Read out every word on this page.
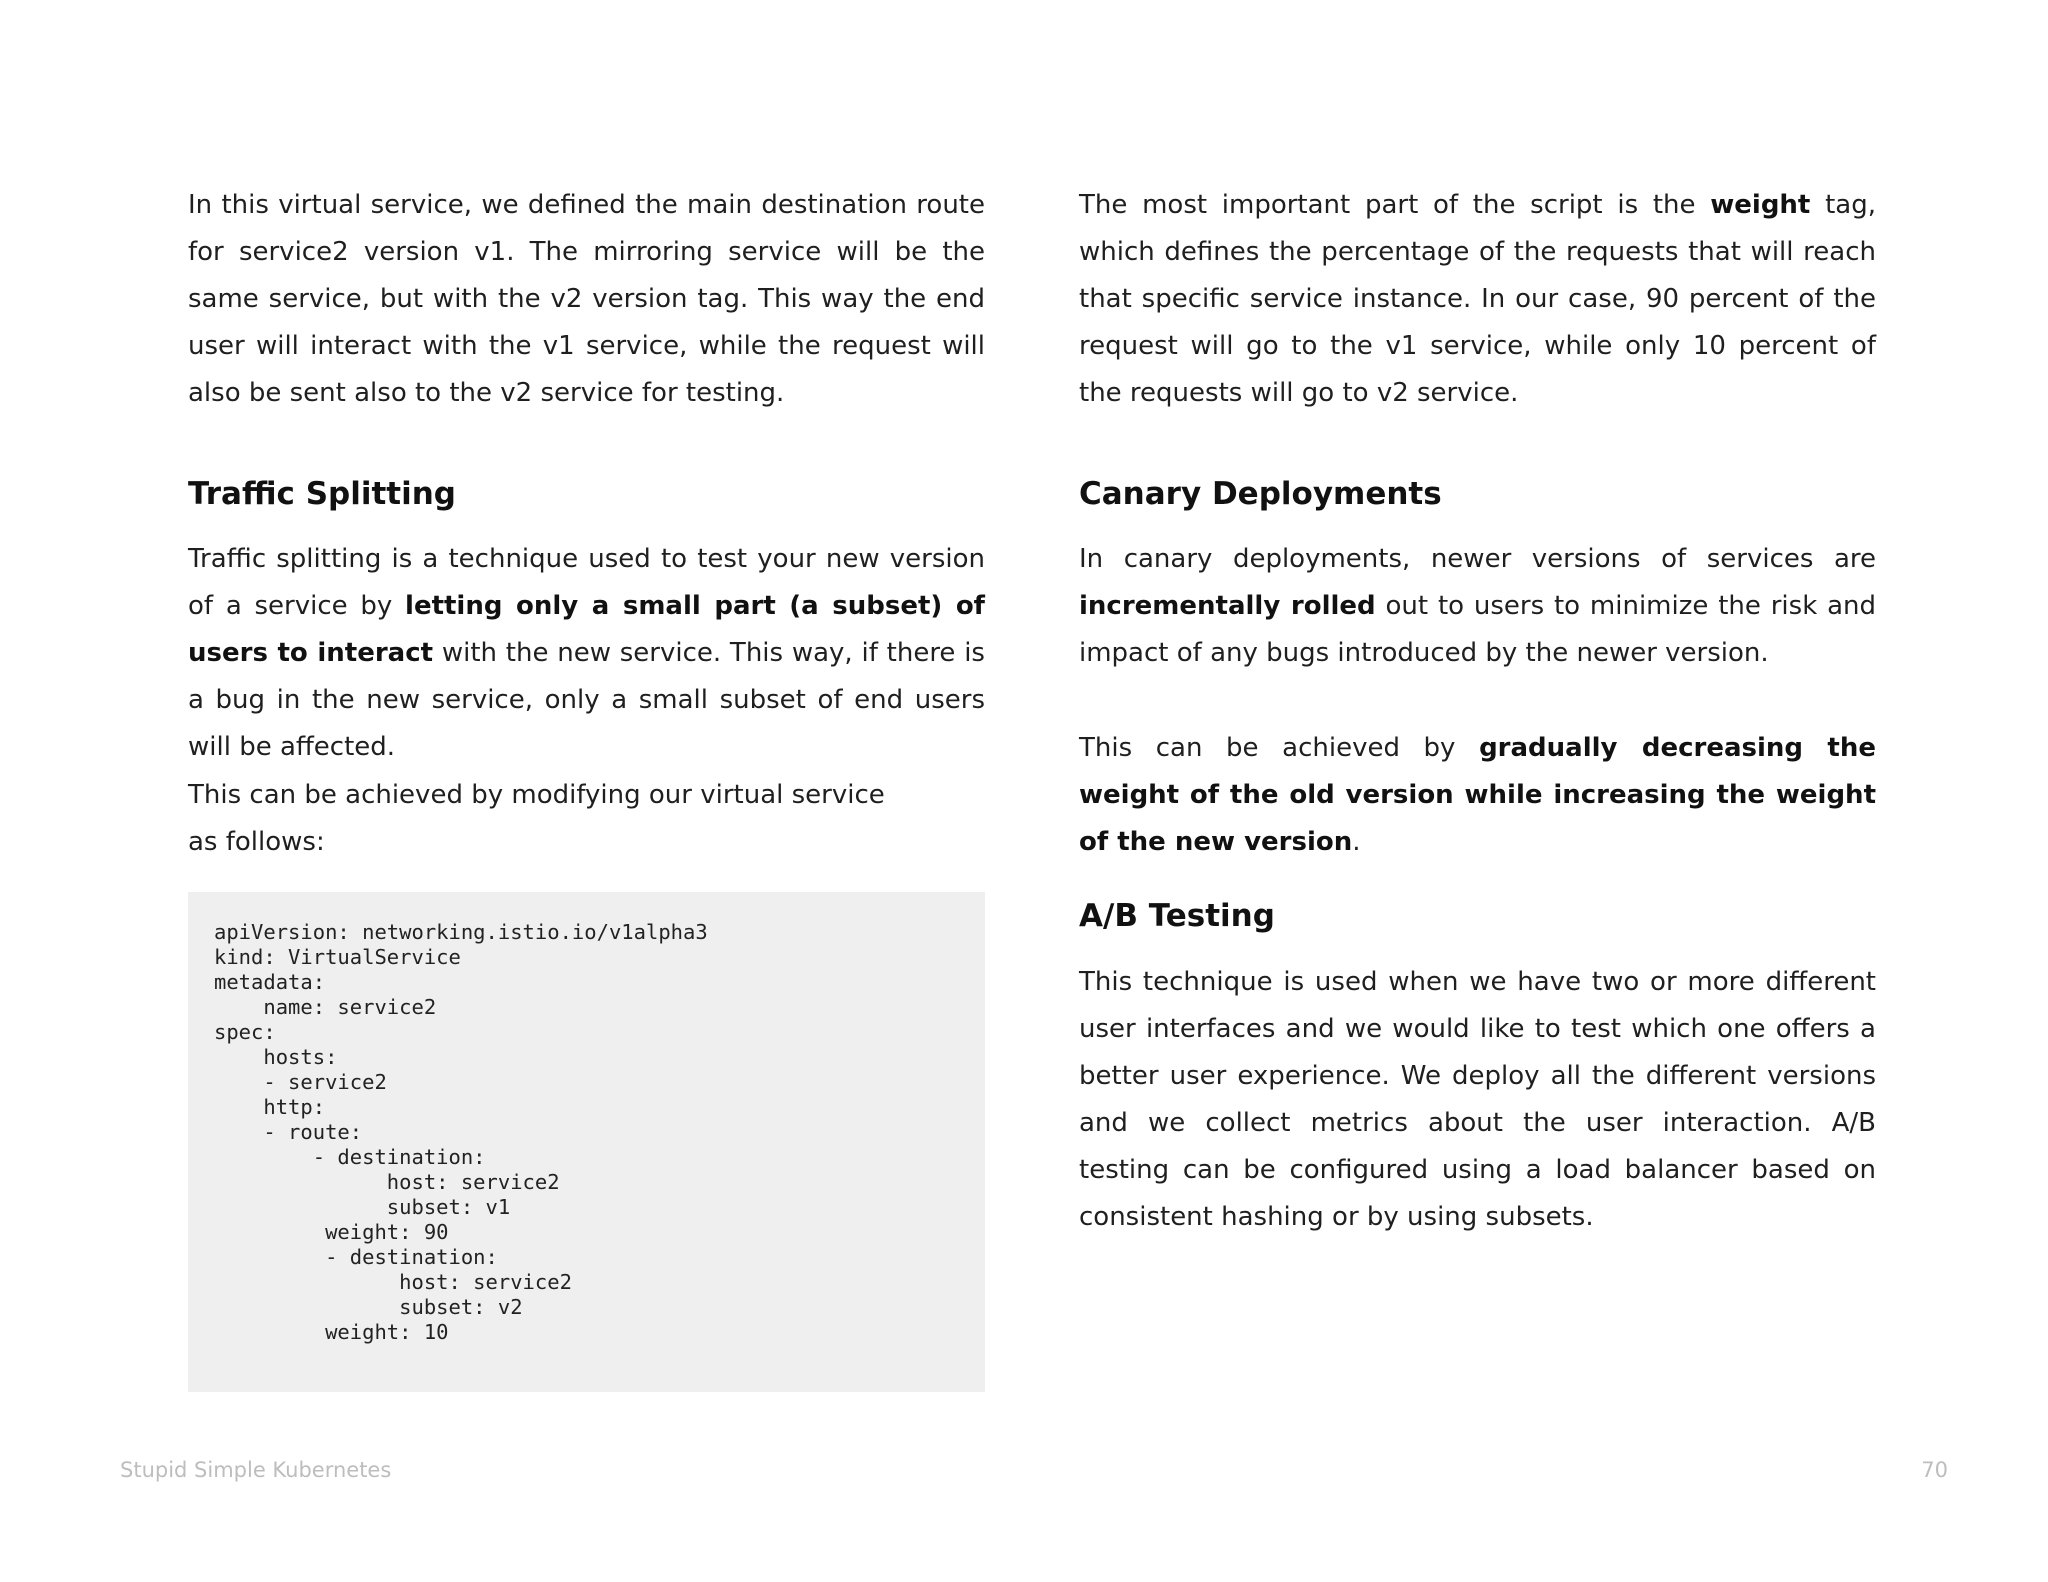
In this virtual service, we defined the main destination route for service2 version v1. The mirroring service will be the same service, but with the v2 version tag. This way the end user will interact with the v1 service, while the request will also be sent also to the v2 service for testing.

Traffic Splitting

Traffic splitting is a technique used to test your new version of a service by letting only a small part (a subset) of users to interact with the new service. This way, if there is a bug in the new service, only a small subset of end users will be affected.

This can be achieved by modifying our virtual service

as follows:

apiVersion: networking.istio.io/v1alpha3
kind: VirtualService
metadata:
name: service2
spec:
hosts:
- service2
http:
- route:
- destination:
host: service2
subset: v1
weight: 90
- destination:
host: service2
subset: v2
weight: 10

The most important part of the script is the weight tag, which defines the percentage of the requests that will reach that specific service instance. In our case, 90 percent of the request will go to the v1 service, while only 10 percent of the requests will go to v2 service.

Canary Deployments

In canary deployments, newer versions of services are incrementally rolled out to users to minimize the risk and impact of any bugs introduced by the newer version.

This can be achieved by gradually decreasing the weight of the old version while increasing the weight of the new version.

A/B Testing

This technique is used when we have two or more different user interfaces and we would like to test which one offers a better user experience. We deploy all the different versions and we collect metrics about the user interaction. A/B testing can be configured using a load balancer based on consistent hashing or by using subsets.

Stupid Simple Kubernetes	70
